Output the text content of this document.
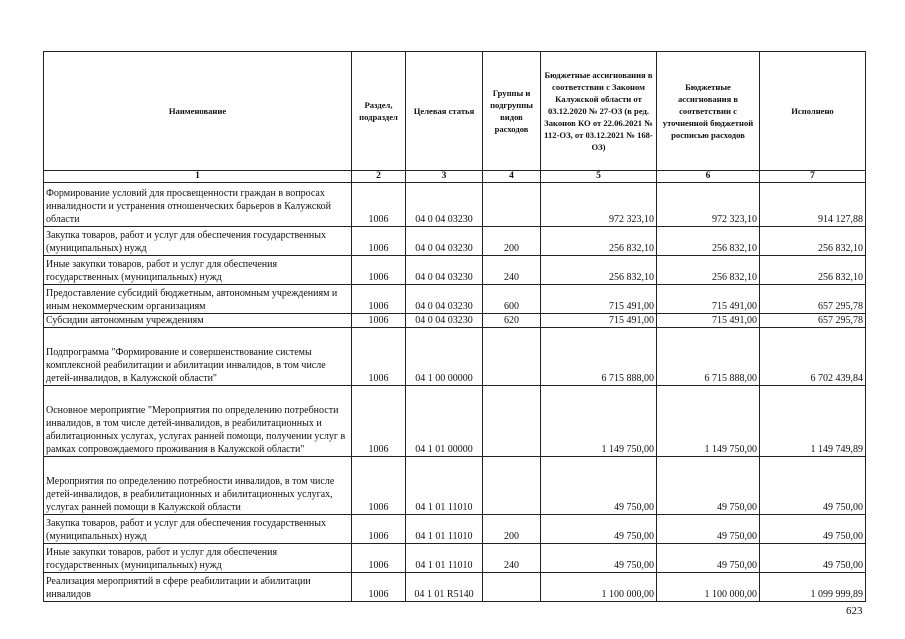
Наименование	Раздел, подраздел	Целевая статья	Группы и подгруппы видов расходов	Бюджетные ассигнования в соответствии с Законом Калужской области от 03.12.2020 № 27-ОЗ (в ред. Законов КО от 22.06.2021 № 112-ОЗ, от 03.12.2021 № 168-ОЗ)	Бюджетные ассигнования в соответствии с уточненной бюджетной росписью расходов	Исполнено
1	2	3	4	5	6	7
Формирование условий для просвещенности граждан в вопросах инвалидности и устранения отношенческих барьеров в Калужской области	1006	04 0 04 03230		972 323,10	972 323,10	914 127,88
Закупка товаров, работ и услуг для обеспечения государственных (муниципальных) нужд	1006	04 0 04 03230	200	256 832,10	256 832,10	256 832,10
Иные закупки товаров, работ и услуг для обеспечения государственных (муниципальных) нужд	1006	04 0 04 03230	240	256 832,10	256 832,10	256 832,10
Предоставление субсидий бюджетным, автономным учреждениям и иным некоммерческим организациям	1006	04 0 04 03230	600	715 491,00	715 491,00	657 295,78
Субсидии автономным учреждениям	1006	04 0 04 03230	620	715 491,00	715 491,00	657 295,78
Подпрограмма "Формирование и совершенствование системы комплексной реабилитации и абилитации инвалидов, в том числе детей-инвалидов, в Калужской области"	1006	04 1 00 00000		6 715 888,00	6 715 888,00	6 702 439,84
Основное мероприятие "Мероприятия по определению потребности инвалидов, в том числе детей-инвалидов, в реабилитационных и абилитационных услугах, услугах ранней помощи, получении услуг в рамках сопровождаемого проживания в Калужской области"	1006	04 1 01 00000		1 149 750,00	1 149 750,00	1 149 749,89
Мероприятия по определению потребности инвалидов, в том числе детей-инвалидов, в реабилитационных и абилитационных услугах, услугах ранней помощи в Калужской области	1006	04 1 01 11010		49 750,00	49 750,00	49 750,00
Закупка товаров, работ и услуг для обеспечения государственных (муниципальных) нужд	1006	04 1 01 11010	200	49 750,00	49 750,00	49 750,00
Иные закупки товаров, работ и услуг для обеспечения государственных (муниципальных) нужд	1006	04 1 01 11010	240	49 750,00	49 750,00	49 750,00
Реализация мероприятий в сфере реабилитации и абилитации инвалидов	1006	04 1 01 R5140		1 100 000,00	1 100 000,00	1 099 999,89
623
